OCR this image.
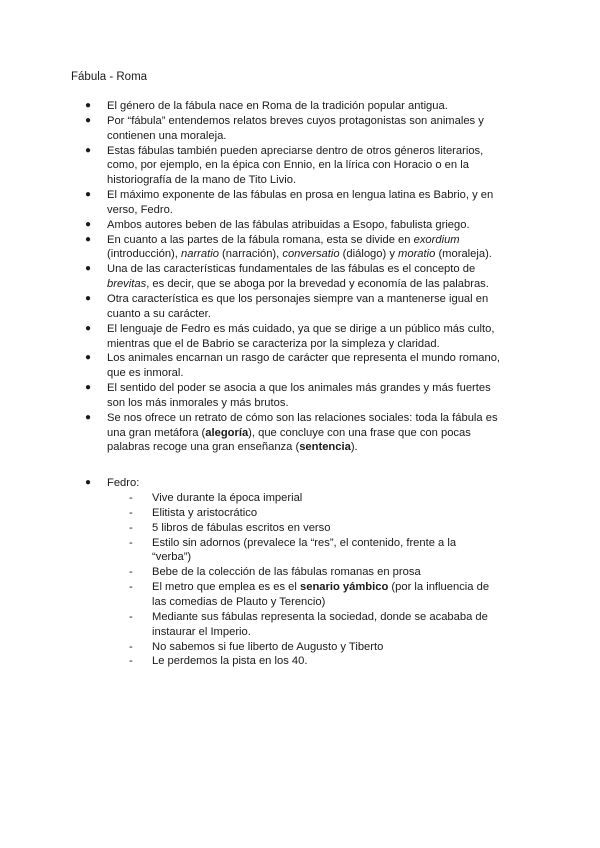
Fábula - Roma
● El género de la fábula nace en Roma de la tradición popular antigua.
● Por “fábula” entendemos relatos breves cuyos protagonistas son animales y contienen una moraleja.
● Estas fábulas también pueden apreciarse dentro de otros géneros literarios, como, por ejemplo, en la épica con Ennio, en la lírica con Horacio o en la historiografía de la mano de Tito Livio.
● El máximo exponente de las fábulas en prosa en lengua latina es Babrio, y en verso, Fedro.
● Ambos autores beben de las fábulas atribuidas a Esopo, fabulista griego.
● En cuanto a las partes de la fábula romana, esta se divide en exordium (introducción), narratio (narración), conversatio (diálogo) y moratio (moraleja).
● Una de las características fundamentales de las fábulas es el concepto de brevitas, es decir, que se aboga por la brevedad y economía de las palabras.
● Otra característica es que los personajes siempre van a mantenerse igual en cuanto a su carácter.
● El lenguaje de Fedro es más cuidado, ya que se dirige a un público más culto, mientras que el de Babrio se caracteriza por la simpleza y claridad.
● Los animales encarnan un rasgo de carácter que representa el mundo romano, que es inmoral.
● El sentido del poder se asocia a que los animales más grandes y más fuertes son los más inmorales y más brutos.
● Se nos ofrece un retrato de cómo son las relaciones sociales: toda la fábula es una gran metáfora (alegoría), que concluye con una frase que con pocas palabras recoge una gran enseñanza (sentencia).
● Fedro:
- Vive durante la época imperial
- Elitista y aristocrático
- 5 libros de fábulas escritos en verso
- Estilo sin adornos (prevalece la “res”, el contenido, frente a la “verba”)
- Bebe de la colección de las fábulas romanas en prosa
- El metro que emplea es es el senario yámbico (por la influencia de las comedias de Plauto y Terencio)
- Mediante sus fábulas representa la sociedad, donde se acababa de instaurar el Imperio.
- No sabemos si fue liberto de Augusto y Tiberto
- Le perdemos la pista en los 40.
